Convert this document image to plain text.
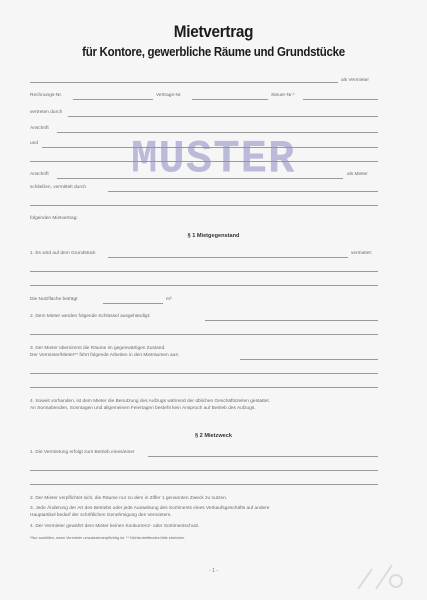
Mietvertrag
für Kontore, gewerbliche Räume und Grundstücke
als Vermieter
Rechnungs-Nr.	Vertrags-Nr.	Steuer-Nr.*
vertreten durch
Anschrift
und
Anschrift	als Mieter
schließen, vermittelt durch
folgenden Mietvertrag:
MUSTER
§ 1 Mietgegenstand
1. Es wird auf dem Grundstück	vermietet:
Die Nutzfläche beträgt	m²
2. Dem Mieter werden folgende Schlüssel ausgehändigt:
3. Der Mieter übernimmt die Räume im gegenwärtigen Zustand.
Der Vermieter/Mieter** führt folgende Arbeiten in den Mieträumen aus:
4. Soweit vorhanden, ist dem Mieter die Benutzung des Aufzugs während der üblichen Geschäftszeiten gestattet.
An Sonnabenden, Sonntagen und allgemeinen Feiertagen besteht kein Anspruch auf Betrieb des Aufzugs.
§ 2 Mietzweck
1. Die Vermietung erfolgt zum Betrieb eines/einer
2. Der Mieter verpflichtet sich, die Räume nur zu dem in Ziffer 1 genannten Zweck zu nutzen.
3. Jede Änderung der Art des Betriebs oder jede Ausweitung des Sortiments eines Verkaufsgeschäfts auf andere
Hauptartikel bedarf der schriftlichen Genehmigung des Vermieters.
4. Der Vermieter gewährt dem Mieter keinen Konkurrenz- oder Sortimentschutz.
*Nur ausfüllen, wenn Vermieter umsatzsteuerpflichtig ist. ** Nichtzutreffendes bitte streichen.
- 1 -
